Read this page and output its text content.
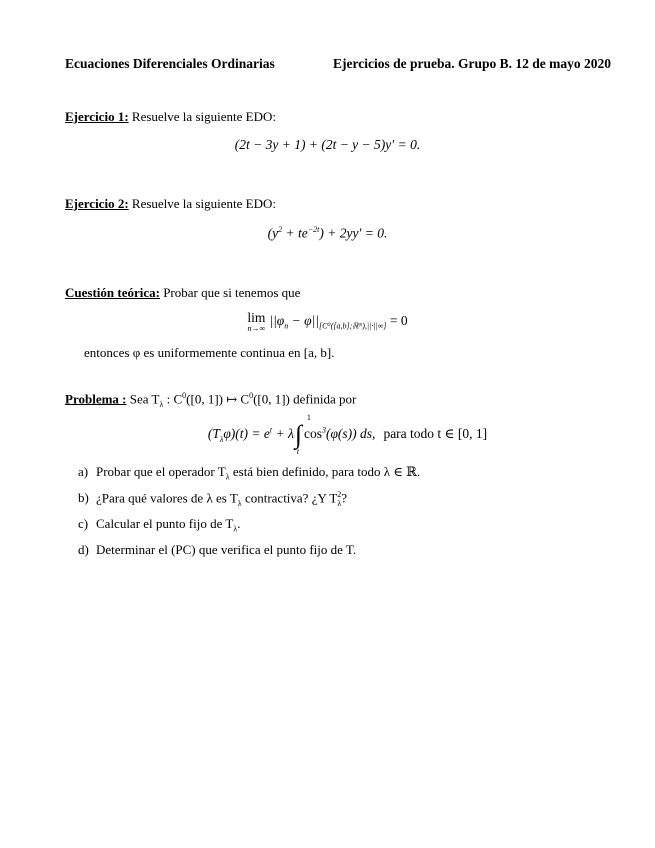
Ecuaciones Diferenciales Ordinarias	Ejercicios de prueba. Grupo B. 12 de mayo 2020
Ejercicio 1: Resuelve la siguiente EDO:
(2t − 3y + 1) + (2t − y − 5)y′ = 0.
Ejercicio 2: Resuelve la siguiente EDO:
$(y^2 + te^{-2t}) + 2yy' = 0$.
Cuestión teórica: Probar que si tenemos que
lim
n→∞
$||\varphi_n - \varphi||_{[C^0([a,b];ℝᴺ),||\cdot||\infty]} = 0$
entonces φ es uniformemente continua en [a, b].
Problema : Sea $T_\lambda$ : $C^0([0$, 1]) ↦ $C^0([0$, 1]) definida por
$(T_\lambda\varphi)(t) = e^t + \lambda\int$
1
t
$\cos^3(\varphi(s))$ ds, para todo t ∈ [0, 1]
a) Probar que el operador $T_\lambda$ está bien definido, para todo λ ∈ ℝ.
b) ¿Para qué valores de λ es $T_\lambda$ contractiva? ¿Y $T_\lambda^2$?
c) Calcular el punto fijo de $T_\lambda$.
d) Determinar el (PC) que verifica el punto fijo de T.
